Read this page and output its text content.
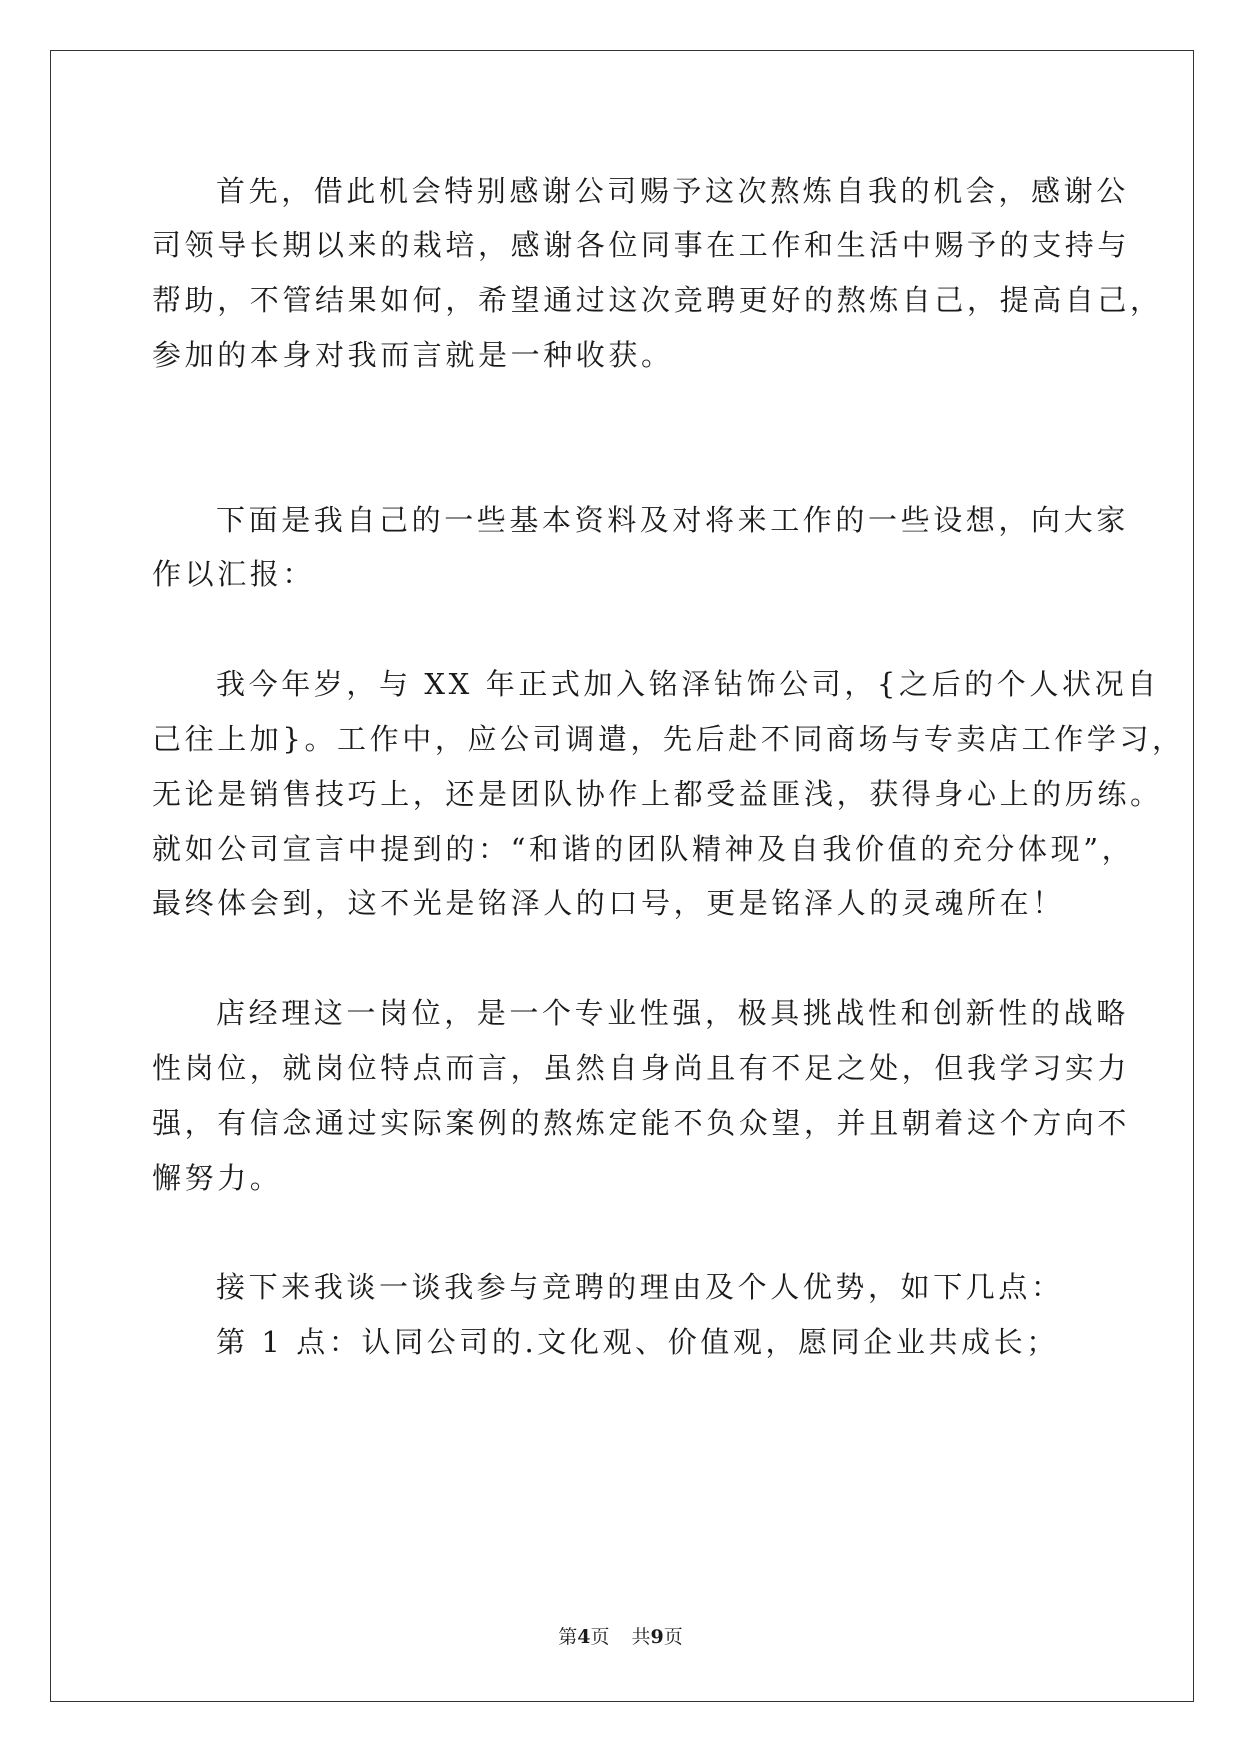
首先，借此机会特别感谢公司赐予这次熬炼自我的机会，感谢公
司领导长期以来的栽培，感谢各位同事在工作和生活中赐予的支持与
帮助，不管结果如何，希望通过这次竞聘更好的熬炼自己，提高自己，
参加的本身对我而言就是一种收获。
下面是我自己的一些基本资料及对将来工作的一些设想，向大家
作以汇报：
我今年岁，与 XX 年正式加入铭泽钻饰公司，{之后的个人状况自
己往上加}。工作中，应公司调遣，先后赴不同商场与专卖店工作学习，
无论是销售技巧上，还是团队协作上都受益匪浅，获得身心上的历练。
就如公司宣言中提到的：“和谐的团队精神及自我价值的充分体现”，
最终体会到，这不光是铭泽人的口号，更是铭泽人的灵魂所在！
店经理这一岗位，是一个专业性强，极具挑战性和创新性的战略
性岗位，就岗位特点而言，虽然自身尚且有不足之处，但我学习实力
强，有信念通过实际案例的熬炼定能不负众望，并且朝着这个方向不
懈努力。
接下来我谈一谈我参与竞聘的理由及个人优势，如下几点：
第 1 点：认同公司的.文化观、价值观，愿同企业共成长；
第4页 共9页
